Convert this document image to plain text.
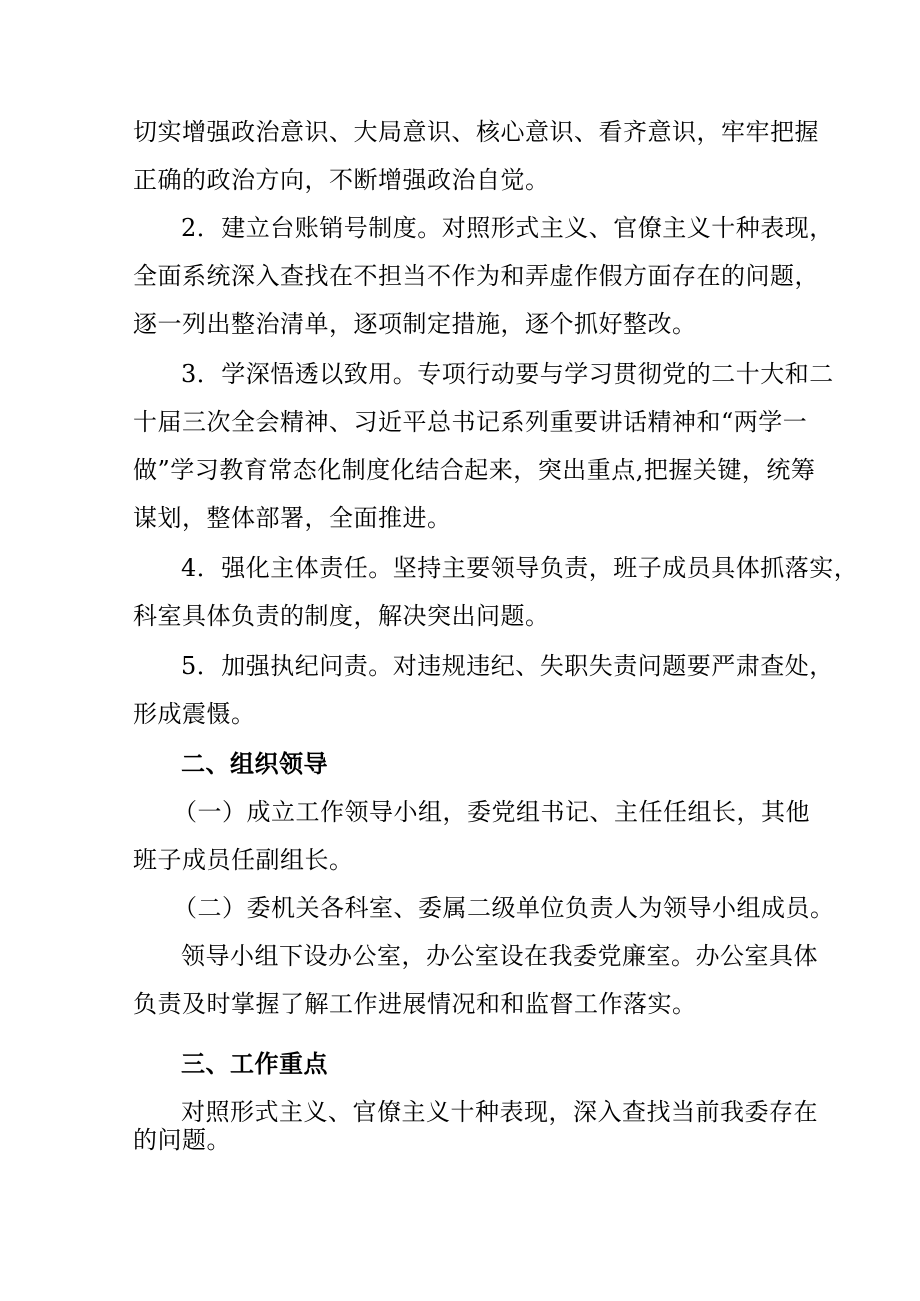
切实增强政治意识、大局意识、核心意识、看齐意识，牢牢把握
正确的政治方向，不断增强政治自觉。
2．建立台账销号制度。对照形式主义、官僚主义十种表现，
全面系统深入查找在不担当不作为和弄虚作假方面存在的问题，
逐一列出整治清单，逐项制定措施，逐个抓好整改。
3．学深悟透以致用。专项行动要与学习贯彻党的二十大和二
十届三次全会精神、习近平总书记系列重要讲话精神和“两学一
做”学习教育常态化制度化结合起来，突出重点,把握关键，统筹
谋划，整体部署，全面推进。
4．强化主体责任。坚持主要领导负责，班子成员具体抓落实，
科室具体负责的制度，解决突出问题。
5．加强执纪问责。对违规违纪、失职失责问题要严肃查处，
形成震慑。
二、组织领导
（一）成立工作领导小组，委党组书记、主任任组长，其他
班子成员任副组长。
（二）委机关各科室、委属二级单位负责人为领导小组成员。
领导小组下设办公室，办公室设在我委党廉室。办公室具体
负责及时掌握了解工作进展情况和和监督工作落实。
三、工作重点
对照形式主义、官僚主义十种表现，深入查找当前我委存在
的问题。
